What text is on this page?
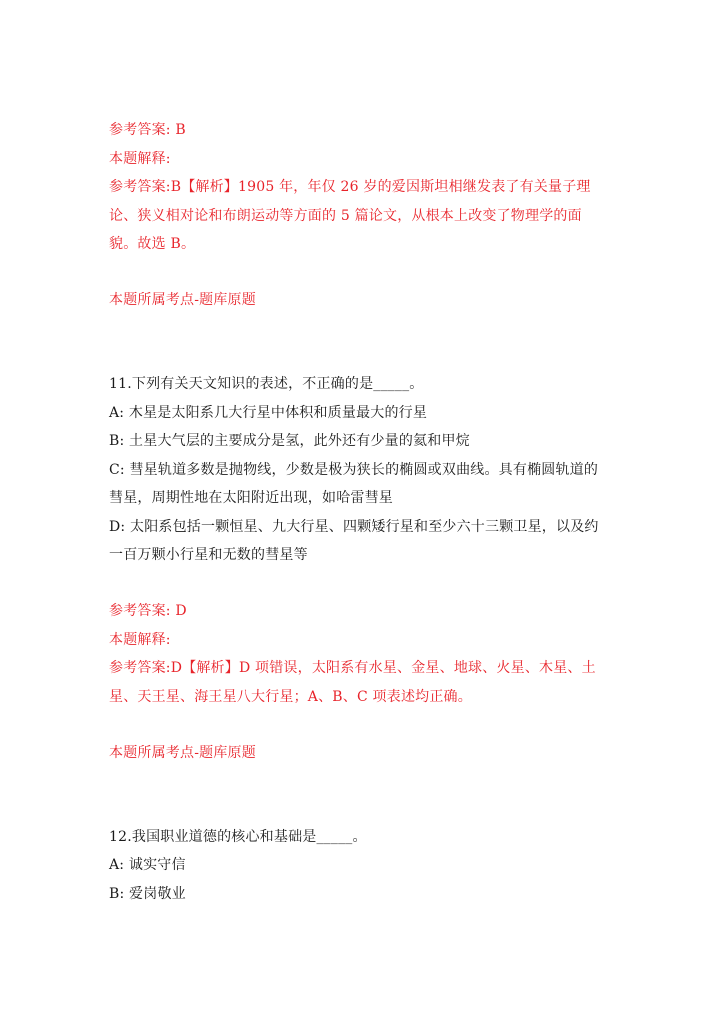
参考答案: B
本题解释:
参考答案:B【解析】1905 年，年仅 26 岁的爱因斯坦相继发表了有关量子理
论、狭义相对论和布朗运动等方面的 5 篇论文，从根本上改变了物理学的面
貌。故选 B。
本题所属考点-题库原题
11.下列有关天文知识的表述，不正确的是_____。
A: 木星是太阳系几大行星中体积和质量最大的行星
B: 土星大气层的主要成分是氢，此外还有少量的氦和甲烷
C: 彗星轨道多数是抛物线，少数是极为狭长的椭圆或双曲线。具有椭圆轨道的
彗星，周期性地在太阳附近出现，如哈雷彗星
D: 太阳系包括一颗恒星、九大行星、四颗矮行星和至少六十三颗卫星，以及约
一百万颗小行星和无数的彗星等
参考答案: D
本题解释:
参考答案:D【解析】D 项错误，太阳系有水星、金星、地球、火星、木星、土
星、天王星、海王星八大行星；A、B、C 项表述均正确。
本题所属考点-题库原题
12.我国职业道德的核心和基础是_____。
A: 诚实守信
B: 爱岗敬业
